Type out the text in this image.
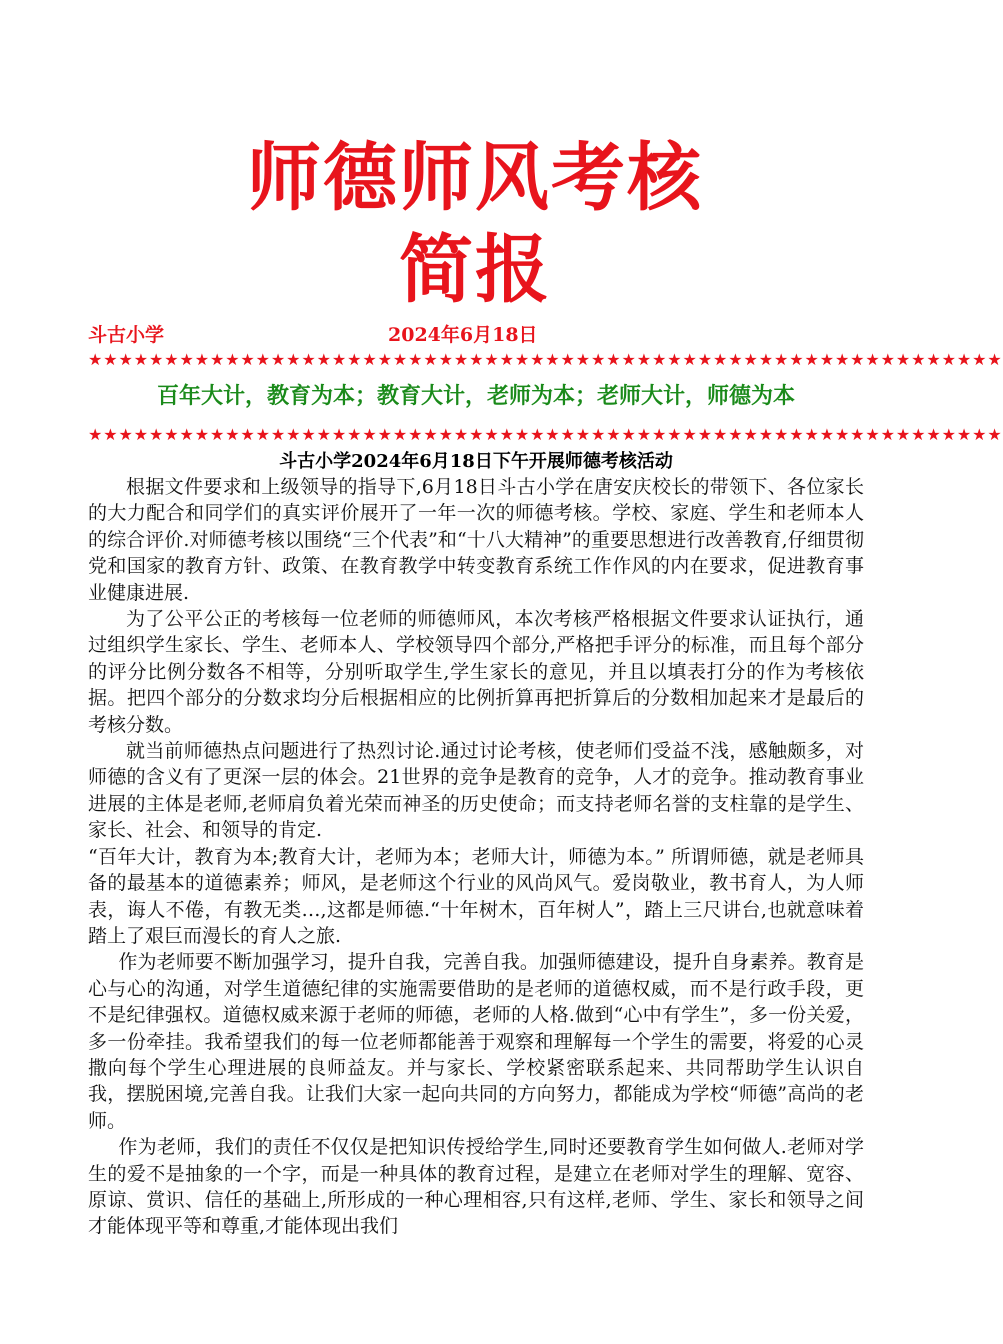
师德师风考核
简报
斗古小学	2024年6月18日
★★★★★★★★★★★★★★★★★★★★★★★★★★★★★★★★★★★★★★★★★★★★★★★★★★★★★★★★★★★★
百年大计，教育为本；教育大计，老师为本；老师大计，师德为本
★★★★★★★★★★★★★★★★★★★★★★★★★★★★★★★★★★★★★★★★★★★★★★★★★★★★★★★★★★★★
斗古小学2024年6月18日下午开展师德考核活动

根据文件要求和上级领导的指导下,6月18日斗古小学在唐安庆校长的带领下、各位家长的大力配合和同学们的真实评价展开了一年一次的师德考核。学校、家庭、学生和老师本人的综合评价.对师德考核以围绕“三个代表”和“十八大精神”的重要思想进行改善教育,仔细贯彻党和国家的教育方针、政策、在教育教学中转变教育系统工作作风的内在要求，促进教育事业健康进展.

为了公平公正的考核每一位老师的师德师风，本次考核严格根据文件要求认证执行，通过组织学生家长、学生、老师本人、学校领导四个部分,严格把手评分的标准，而且每个部分的评分比例分数各不相等，分别听取学生,学生家长的意见，并且以填表打分的作为考核依据。把四个部分的分数求均分后根据相应的比例折算再把折算后的分数相加起来才是最后的考核分数。

就当前师德热点问题进行了热烈讨论.通过讨论考核，使老师们受益不浅，感触颇多，对师德的含义有了更深一层的体会。21世界的竞争是教育的竞争，人才的竞争。推动教育事业进展的主体是老师,老师肩负着光荣而神圣的历史使命；而支持老师名誉的支柱靠的是学生、家长、社会、和领导的肯定.

“百年大计，教育为本;教育大计，老师为本；老师大计，师德为本。” 所谓师德，就是老师具备的最基本的道德素养；师风，是老师这个行业的风尚风气。爱岗敬业，教书育人，为人师表，诲人不倦，有教无类…,这都是师德.“十年树木，百年树人”，踏上三尺讲台,也就意味着踏上了艰巨而漫长的育人之旅.

作为老师要不断加强学习，提升自我，完善自我。加强师德建设，提升自身素养。教育是心与心的沟通，对学生道德纪律的实施需要借助的是老师的道德权威，而不是行政手段，更不是纪律强权。道德权威来源于老师的师德，老师的人格.做到“心中有学生”，多一份关爱，多一份牵挂。我希望我们的每一位老师都能善于观察和理解每一个学生的需要，将爱的心灵撒向每个学生心理进展的良师益友。并与家长、学校紧密联系起来、共同帮助学生认识自我，摆脱困境,完善自我。让我们大家一起向共同的方向努力，都能成为学校“师德”高尚的老师。

作为老师，我们的责任不仅仅是把知识传授给学生,同时还要教育学生如何做人.老师对学生的爱不是抽象的一个字，而是一种具体的教育过程，是建立在老师对学生的理解、宽容、原谅、赏识、信任的基础上,所形成的一种心理相容,只有这样,老师、学生、家长和领导之间才能体现平等和尊重,才能体现出我们
